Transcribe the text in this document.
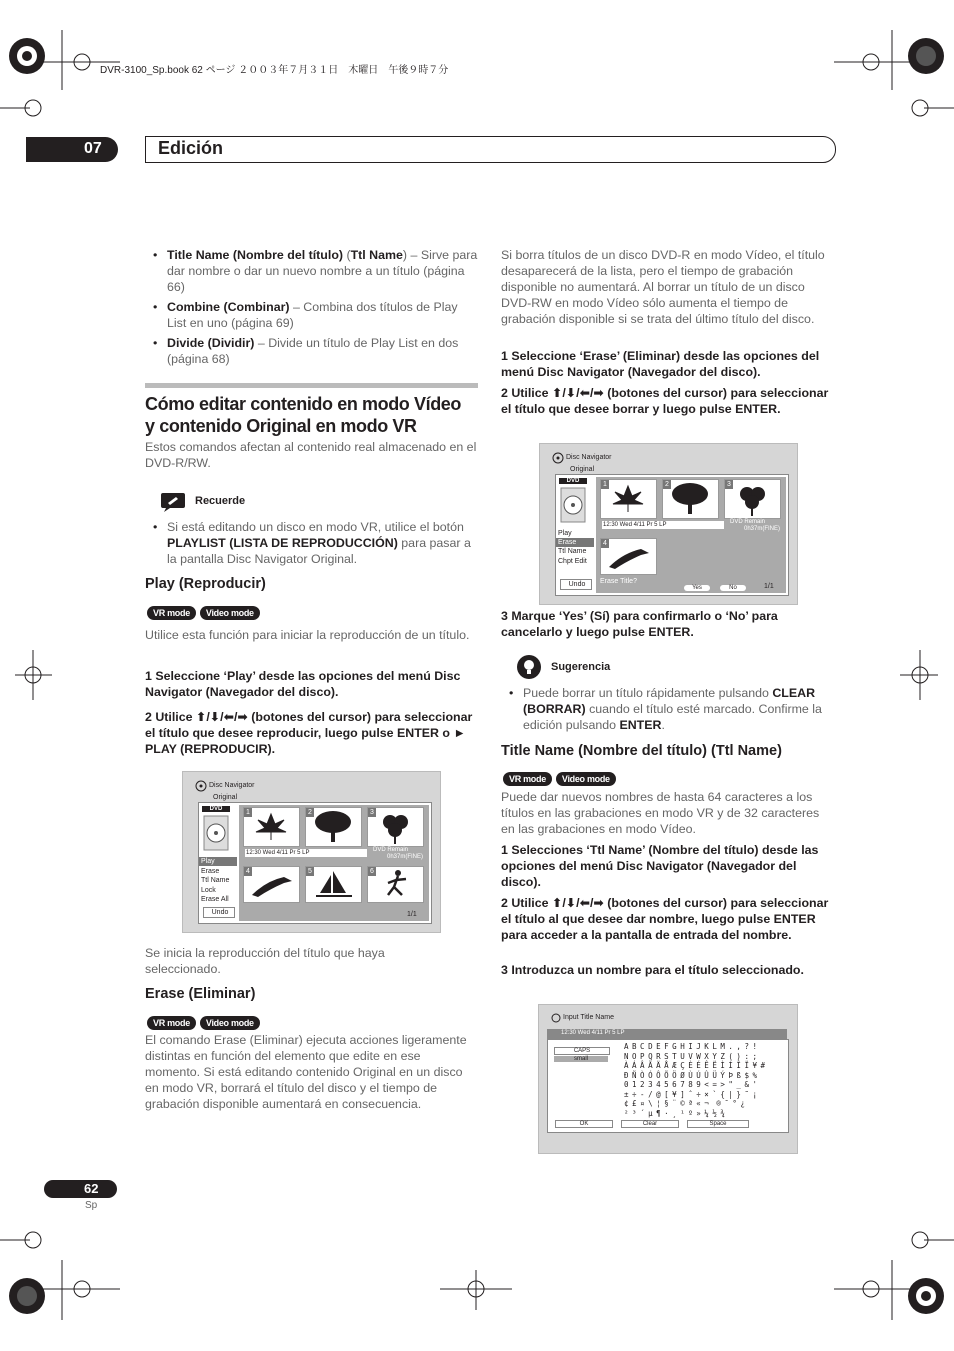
DVR-3100_Sp.book 62 ページ ２００３年７月３１日　木曜日　午後９時７分
07	Edición
• Title Name (Nombre del título) (Ttl Name) – Sirve para dar nombre o dar un nuevo nombre a un título (página 66)
• Combine (Combinar) – Combina dos títulos de Play List en uno (página 69)
• Divide (Dividir) – Divide un título de Play List en dos (página 68)
Cómo editar contenido en modo Vídeo
y contenido Original en modo VR
Estos comandos afectan al contenido real almacenado en el DVD-R/RW.
Recuerde
• Si está editando un disco en modo VR, utilice el botón PLAYLIST (LISTA DE REPRODUCCIÓN) para pasar a la pantalla Disc Navigator Original.
Play (Reproducir)
VR mode Video mode
Utilice esta función para iniciar la reproducción de un título.
1 Seleccione ‘Play’ desde las opciones del menú Disc Navigator (Navegador del disco).
2 Utilice ⬆/⬇/⬅/➡ (botones del cursor) para seleccionar el título que desee reproducir, luego pulse ENTER o ► PLAY (REPRODUCIR).
Disc Navigator
Original
DVD
Play
Erase
Ttl Name
Lock
Erase All
Undo
1	2	3
12:30 Wed 4/11 Pr 5 LP	DVD Remain
0h37m(FINE)
4	5	6
1/1
Se inicia la reproducción del título que haya seleccionado.
Erase (Eliminar)
VR mode Video mode
El comando Erase (Eliminar) ejecuta acciones ligeramente distintas en función del elemento que edite en ese momento. Si está editando contenido Original en un disco en modo VR, borrará el título del disco y el tiempo de grabación disponible aumentará en consecuencia.
62
Sp
Si borra títulos de un disco DVD-R en modo Vídeo, el título desaparecerá de la lista, pero el tiempo de grabación disponible no aumentará. Al borrar un título de un disco DVD-RW en modo Vídeo sólo aumenta el tiempo de grabación disponible si se trata del último título del disco.
1 Seleccione ‘Erase’ (Eliminar) desde las opciones del menú Disc Navigator (Navegador del disco).
2 Utilice ⬆/⬇/⬅/➡ (botones del cursor) para seleccionar el título que desee borrar y luego pulse ENTER.
Disc Navigator
Original
DVD
Play
Erase
Ttl Name
Chpt Edit
Undo
1	2	3
12:30 Wed 4/11 Pr 5 LP	DVD Remain
0h37m(FINE)
4
Erase Title?
Yes	No	1/1
3 Marque ‘Yes’ (Sí) para confirmarlo o ‘No’ para cancelarlo y luego pulse ENTER.
Sugerencia
• Puede borrar un título rápidamente pulsando CLEAR (BORRAR) cuando el título esté marcado. Confirme la edición pulsando ENTER.
Title Name (Nombre del título) (Ttl Name)
VR mode Video mode
Puede dar nuevos nombres de hasta 64 caracteres a los títulos en las grabaciones en modo VR y de 32 caracteres en las grabaciones en modo Vídeo.
1 Selecciones ‘Ttl Name’ (Nombre del título) desde las opciones del menú Disc Navigator (Navegador del disco).
2 Utilice ⬆/⬇/⬅/➡ (botones del cursor) para seleccionar el título al que desee dar nombre, luego pulse ENTER para acceder a la pantalla de entrada del nombre.
3 Introduzca un nombre para el título seleccionado.
Input Title Name
12:30 Wed 4/11 Pr 5 LP
CAPS
small
A B C D E F G H I J K L M . , ? !
N O P Q R S T U V W X Y Z ( ) : ;
À Á Â Ã Ä Å Æ Ç È É Ê Ë Ì Í Î Ï ¥ #
Ð Ñ Ò Ó Ô Õ Ö Ø Ù Ú Û Ü Ý Þ ß $ %
0 1 2 3 4 5 6 7 8 9 < = > " _ & '
± ÷ - / @ [ ¥ ] ˆ ÷ × ` { | } ˜ ¡
¢ £ ¤ \ ¦ § ¨ © ª « ¬ ® ¯ ° ¿
² ³ ´ µ ¶ · ¸ ¹ º » ¼ ½ ¾
OK	Clear	Space
